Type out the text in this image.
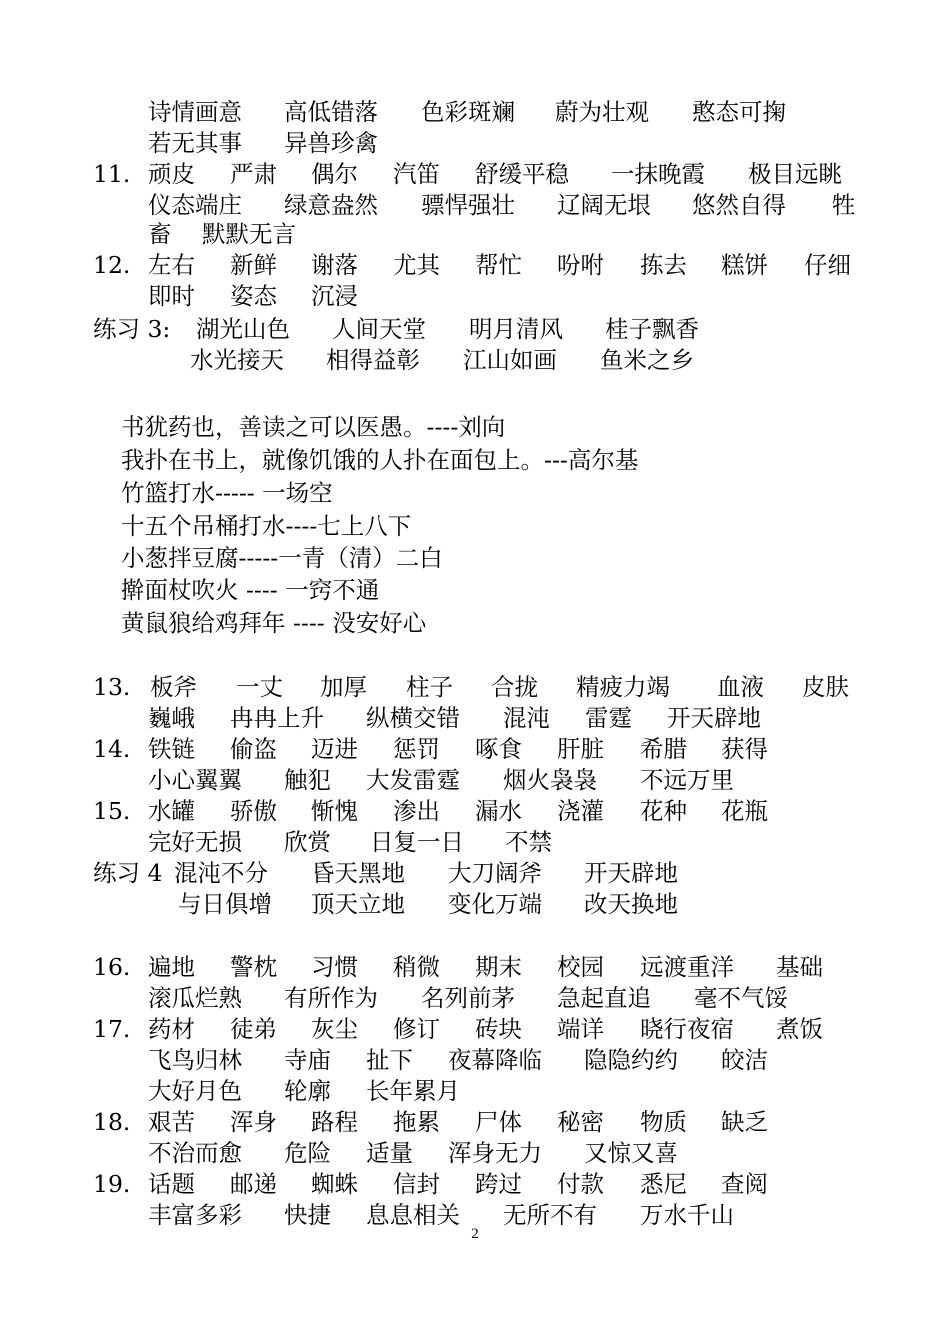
诗情画意 高低错落 色彩斑斓 蔚为壮观 憨态可掬
若无其事 异兽珍禽
11. 顽皮 严肃 偶尔 汽笛 舒缓平稳 一抹晚霞 极目远眺
仪态端庄 绿意盎然 骠悍强壮 辽阔无垠 悠然自得 牲
畜 默默无言
12. 左右 新鲜 谢落 尤其 帮忙 吩咐 拣去 糕饼 仔细
即时 姿态 沉浸
练习 3: 湖光山色 人间天堂 明月清风 桂子飘香
水光接天 相得益彰 江山如画 鱼米之乡
书犹药也，善读之可以医愚。----刘向
我扑在书上，就像饥饿的人扑在面包上。---高尔基
竹篮打水----- 一场空
十五个吊桶打水----七上八下
小葱拌豆腐-----一青（清）二白
擀面杖吹火 ---- 一窍不通
黄鼠狼给鸡拜年 ---- 没安好心
13. 板斧 一丈 加厚 柱子 合拢 精疲力竭 血液 皮肤
巍峨 冉冉上升 纵横交错 混沌 雷霆 开天辟地
14. 铁链 偷盗 迈进 惩罚 啄食 肝脏 希腊 获得
小心翼翼 触犯 大发雷霆 烟火袅袅 不远万里
15. 水罐 骄傲 惭愧 渗出 漏水 浇灌 花种 花瓶
完好无损 欣赏 日复一日 不禁
练习 4 混沌不分 昏天黑地 大刀阔斧 开天辟地
与日俱增 顶天立地 变化万端 改天换地
16. 遍地 警枕 习惯 稍微 期末 校园 远渡重洋 基础
滚瓜烂熟 有所作为 名列前茅 急起直追 毫不气馁
17. 药材 徒弟 灰尘 修订 砖块 端详 晓行夜宿 煮饭
飞鸟归林 寺庙 扯下 夜幕降临 隐隐约约 皎洁
大好月色 轮廓 长年累月
18. 艰苦 浑身 路程 拖累 尸体 秘密 物质 缺乏
不治而愈 危险 适量 浑身无力 又惊又喜
19. 话题 邮递 蜘蛛 信封 跨过 付款 悉尼 查阅
丰富多彩 快捷 息息相关 无所不有 万水千山
2
